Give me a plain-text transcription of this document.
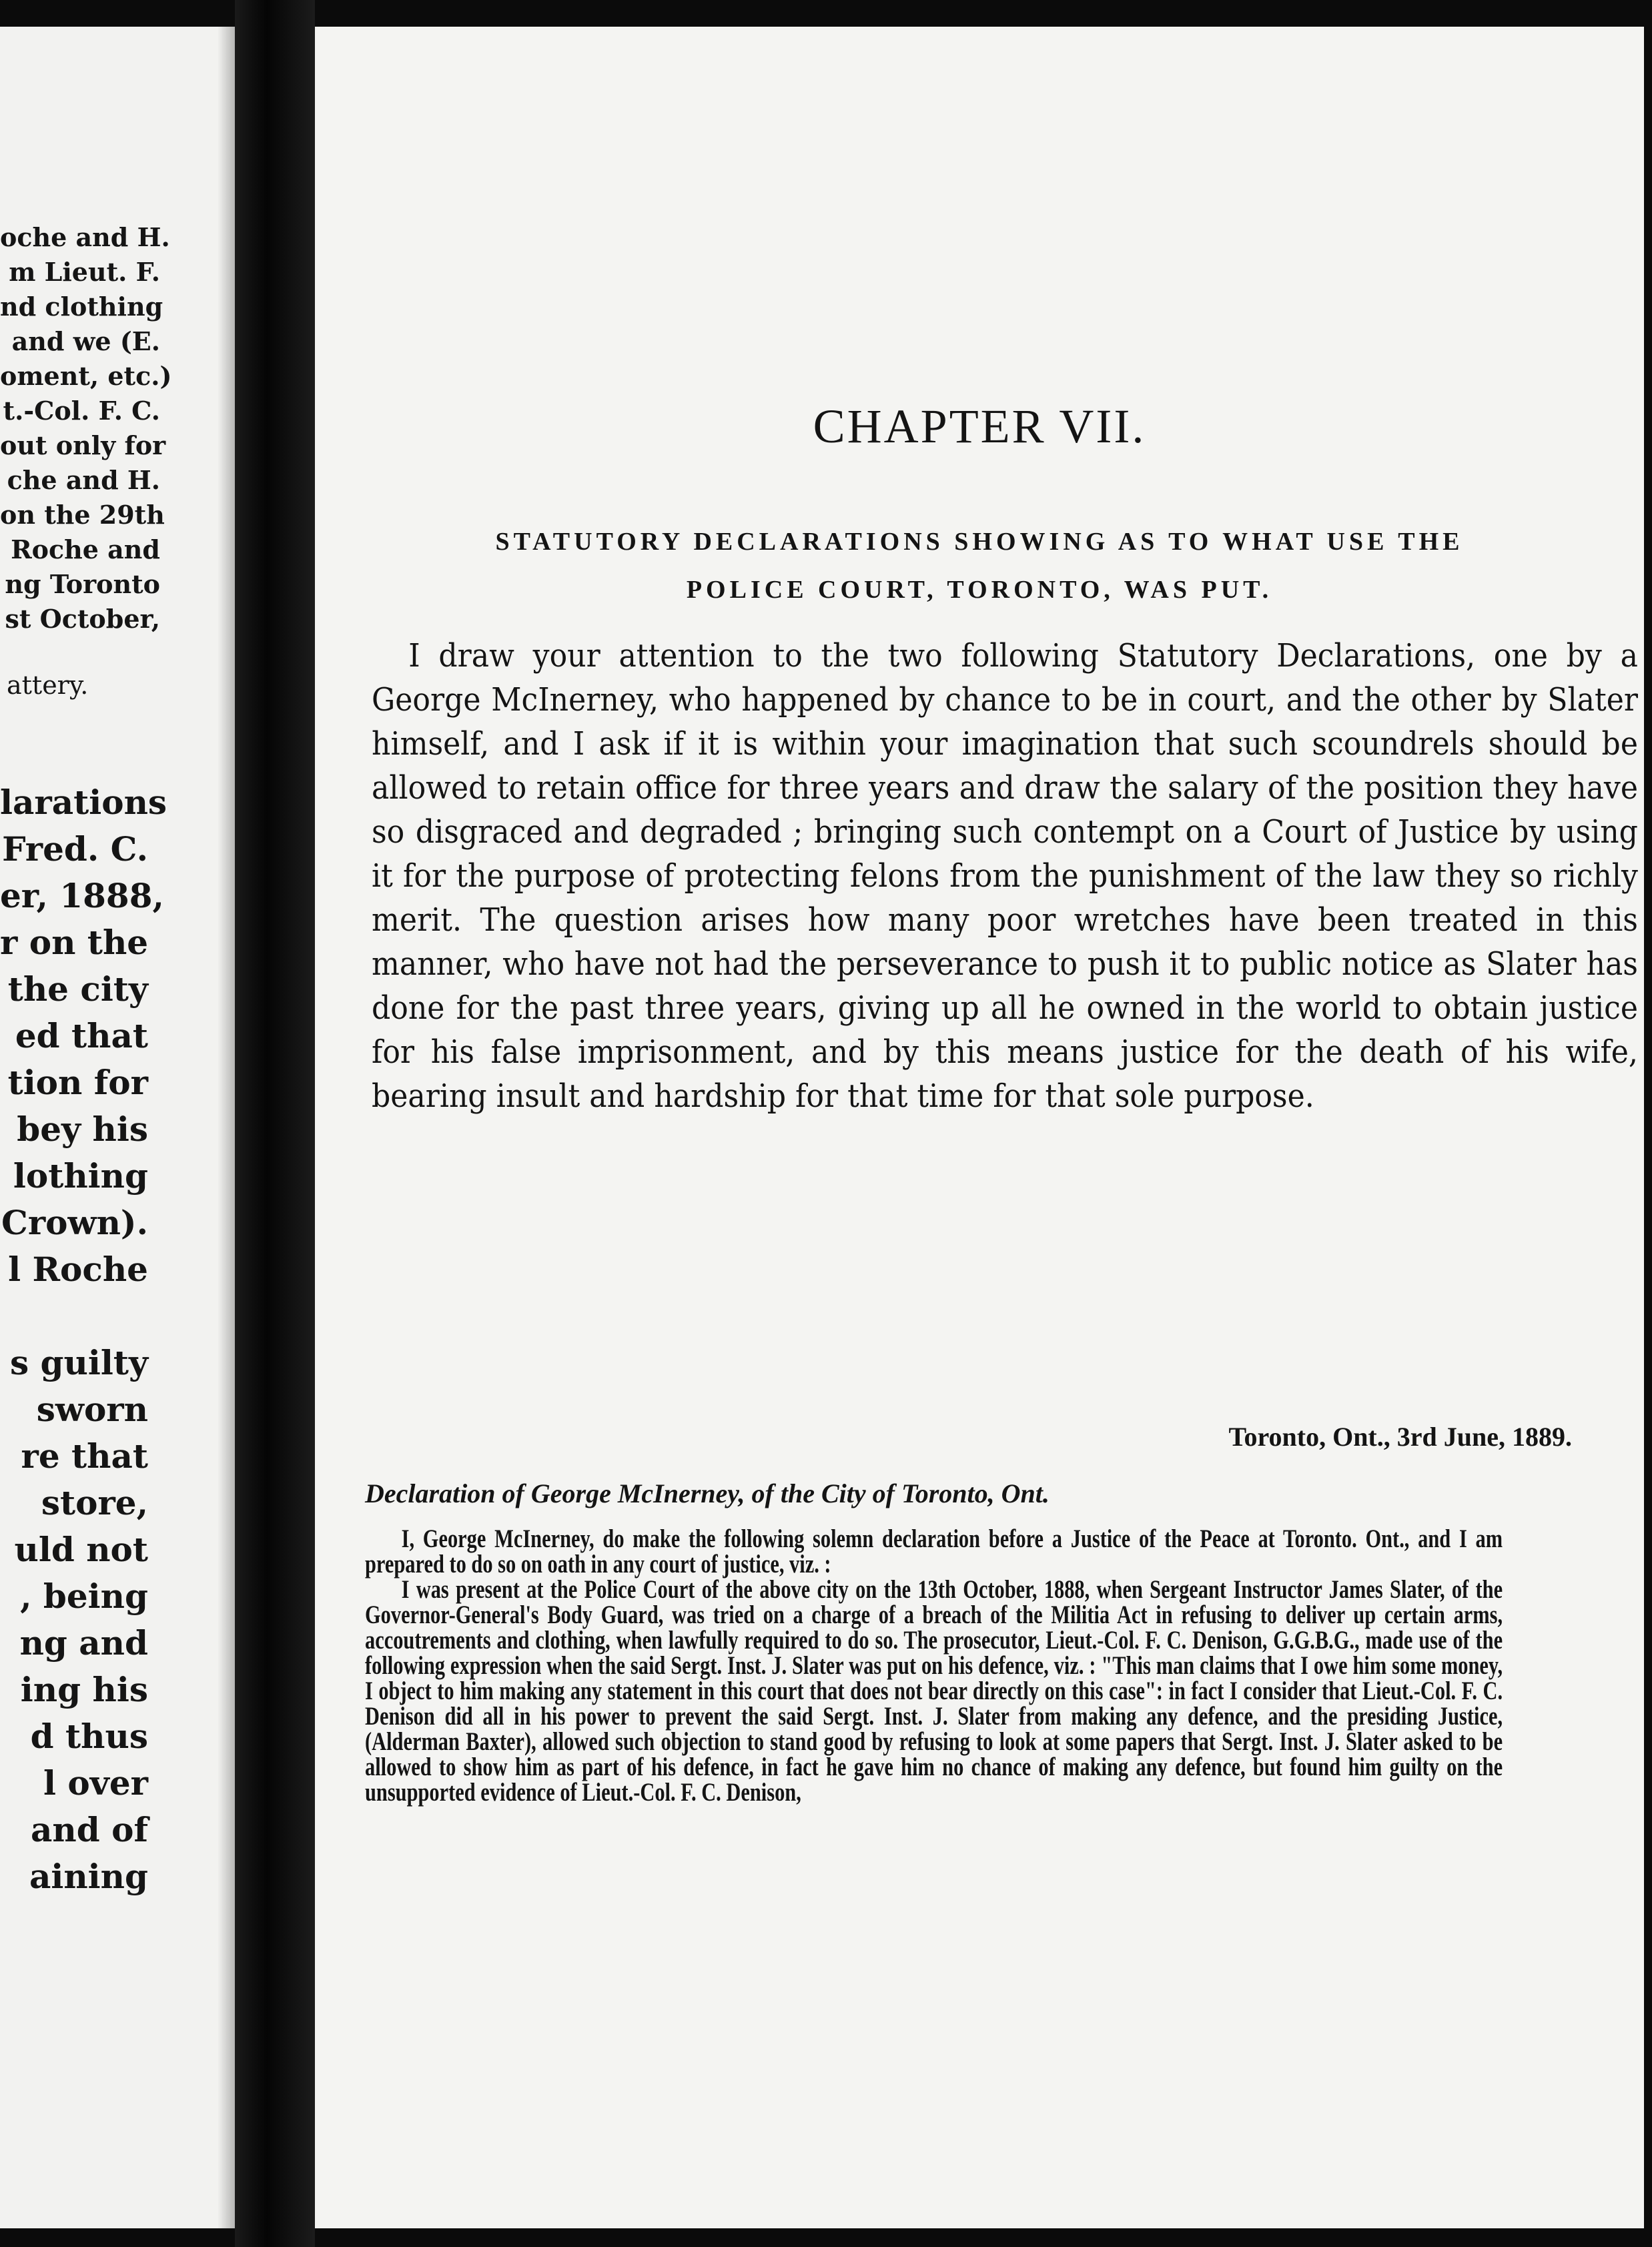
oche and H.
m Lieut. F.
nd clothing
and we (E.
oment, etc.)
t.-Col. F. C.
out only for
che and H.
on the 29th
Roche and
ng Toronto
st October,
attery.
larations
Fred. C.
er, 1888,
r on the
the city
ed that
tion for
bey his
lothing
Crown).
l Roche
s guilty
sworn
re that
store,
uld not
, being
ng and
ing his
d thus
l over
and of
aining
CHAPTER VII.
STATUTORY DECLARATIONS SHOWING AS TO WHAT USE THE
POLICE COURT, TORONTO, WAS PUT.

I draw your attention to the two following Statutory Declarations, one by a George McInerney, who happened by chance to be in court, and the other by Slater himself, and I ask if it is within your imagination that such scoundrels should be allowed to retain office for three years and draw the salary of the position they have so disgraced and degraded ; bringing such contempt on a Court of Justice by using it for the purpose of protecting felons from the punishment of the law they so richly merit. The question arises how many poor wretches have been treated in this manner, who have not had the perseverance to push it to public notice as Slater has done for the past three years, giving up all he owned in the world to obtain justice for his false imprisonment, and by this means justice for the death of his wife, bearing insult and hardship for that time for that sole purpose.

Toronto, Ont., 3rd June, 1889.
Declaration of George McInerney, of the City of Toronto, Ont.

I, George McInerney, do make the following solemn declaration before a Justice of the Peace at Toronto. Ont., and I am prepared to do so on oath in any court of justice, viz. :

I was present at the Police Court of the above city on the 13th October, 1888, when Sergeant Instructor James Slater, of the Governor-General's Body Guard, was tried on a charge of a breach of the Militia Act in refusing to deliver up certain arms, accoutrements and clothing, when lawfully required to do so. The prosecutor, Lieut.-Col. F. C. Denison, G.G.B.G., made use of the following expression when the said Sergt. Inst. J. Slater was put on his defence, viz. : "This man claims that I owe him some money, I object to him making any statement in this court that does not bear directly on this case": in fact I consider that Lieut.-Col. F. C. Denison did all in his power to prevent the said Sergt. Inst. J. Slater from making any defence, and the presiding Justice, (Alderman Baxter), allowed such objection to stand good by refusing to look at some papers that Sergt. Inst. J. Slater asked to be allowed to show him as part of his defence, in fact he gave him no chance of making any defence, but found him guilty on the unsupported evidence of Lieut.-Col. F. C. Denison,
